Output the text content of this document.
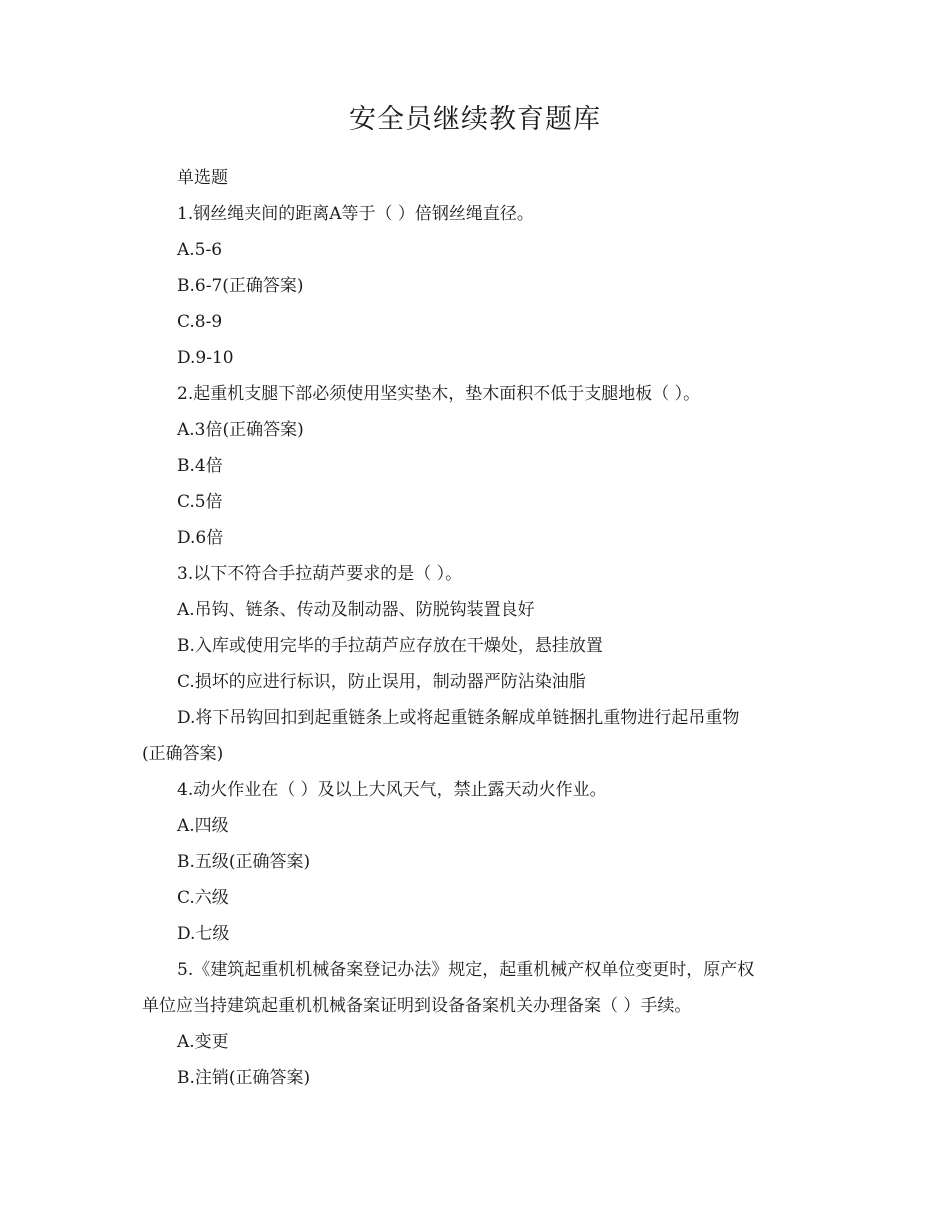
安全员继续教育题库
单选题
1.钢丝绳夹间的距离A等于（ ）倍钢丝绳直径。
A.5-6
B.6-7(正确答案)
C.8-9
D.9-10
2.起重机支腿下部必须使用坚实垫木，垫木面积不低于支腿地板（ ）。
A.3倍(正确答案)
B.4倍
C.5倍
D.6倍
3.以下不符合手拉葫芦要求的是（ ）。
A.吊钩、链条、传动及制动器、防脱钩装置良好
B.入库或使用完毕的手拉葫芦应存放在干燥处，悬挂放置
C.损坏的应进行标识，防止误用，制动器严防沾染油脂
D.将下吊钩回扣到起重链条上或将起重链条解成单链捆扎重物进行起吊重物
(正确答案)
4.动火作业在（ ）及以上大风天气，禁止露天动火作业。
A.四级
B.五级(正确答案)
C.六级
D.七级
5.《建筑起重机机械备案登记办法》规定，起重机械产权单位变更时，原产权
单位应当持建筑起重机机械备案证明到设备备案机关办理备案（ ）手续。
A.变更
B.注销(正确答案)
